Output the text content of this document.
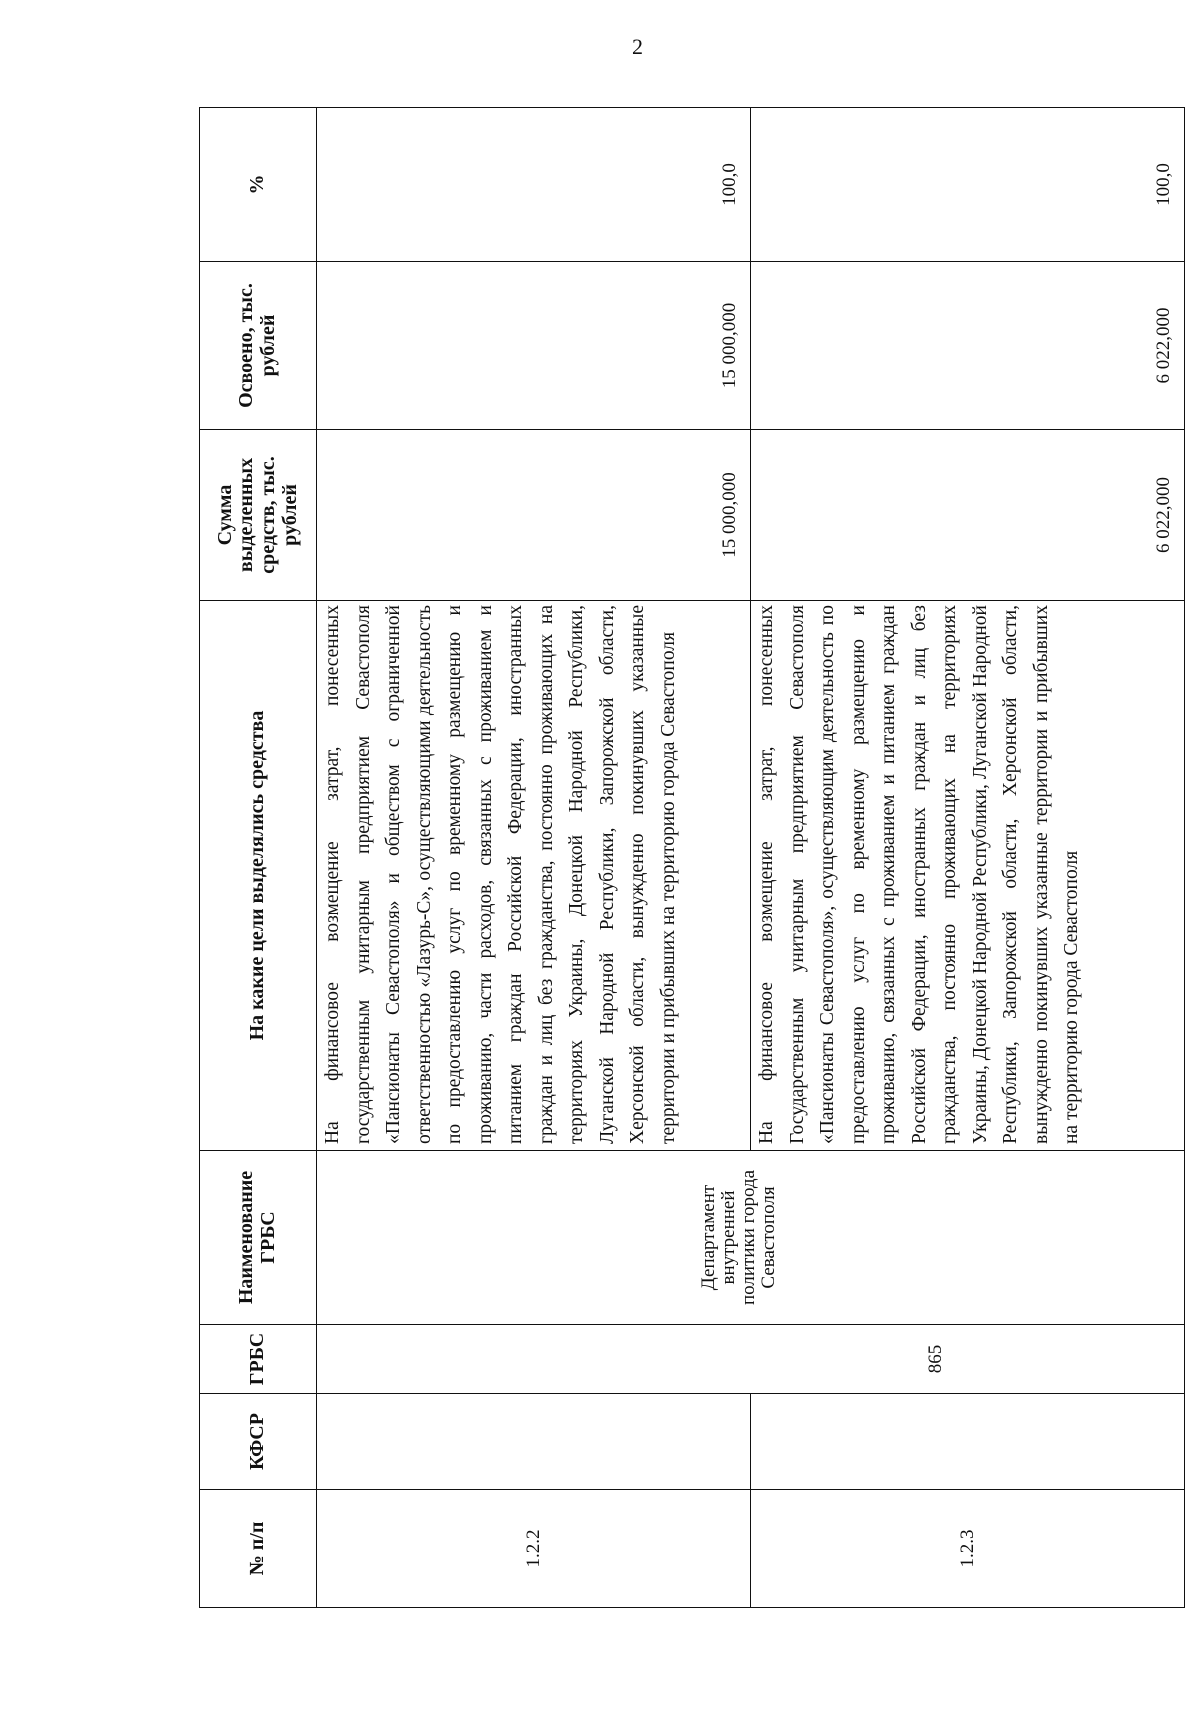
2
№ п/п	КФСР	ГРБС	Наименование ГРБС	На какие цели выделялись средства	Сумма выделенных средств, тыс. рублей	Освоено, тыс. рублей	%
1.2.2		865	Департамент внутренней политики города Севастополя	На финансовое возмещение затрат, понесенных государственным унитарным предприятием Севастополя «Пансионаты Севастополя» и обществом с ограниченной ответственностью «Лазурь-С», осуществляющими деятельность по предоставлению услуг по временному размещению и проживанию, части расходов, связанных с проживанием и питанием граждан Российской Федерации, иностранных граждан и лиц без гражданства, постоянно проживающих на территориях Украины, Донецкой Народной Республики, Луганской Народной Республики, Запорожской области, Херсонской области, вынужденно покинувших указанные территории и прибывших на территорию города Севастополя	15 000,000	15 000,000	100,0
1.2.3				На финансовое возмещение затрат, понесенных Государственным унитарным предприятием Севастополя «Пансионаты Севастополя», осуществляющим деятельность по предоставлению услуг по временному размещению и проживанию, связанных с проживанием и питанием граждан Российской Федерации, иностранных граждан и лиц без гражданства, постоянно проживающих на территориях Украины, Донецкой Народной Республики, Луганской Народной Республики, Запорожской области, Херсонской области, вынужденно покинувших указанные территории и прибывших на территорию города Севастополя	6 022,000	6 022,000	100,0
